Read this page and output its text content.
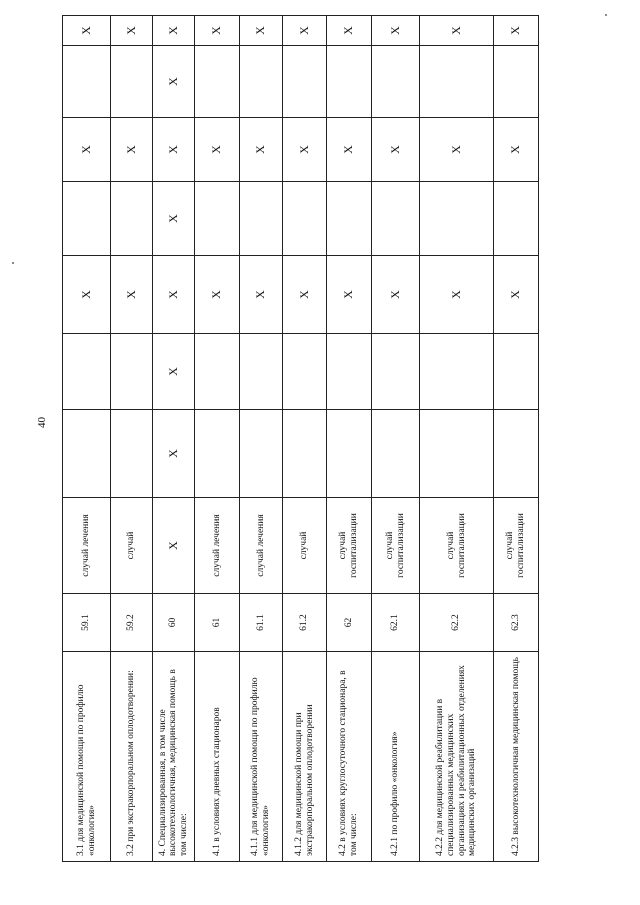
40
3.1 для медицинской помощи по профилю «онкология»	59.1	случай лечения			X		X		X
3.2 при экстракорпоральном оплодотворении:	59.2	случай			X		X		X
4. Специализированная, в том числе высокотехнологичная, медицинская помощь в том числе:	60	X	X	X	X	X	X	X	X
4.1 в условиях дневных стационаров	61	случай лечения			X		X		X
4.1.1 для медицинской помощи по профилю «онкология»	61.1	случай лечения			X		X		X
4.1.2 для медицинской помощи при экстракорпоральном оплодотворении	61.2	случай			X		X		X
4.2 в условиях круглосуточного стационара, в том числе:	62	случай госпитализации			X		X		X
4.2.1 по профилю «онкология»	62.1	случай госпитализации			X		X		X
4.2.2 для медицинской реабилитации в специализированных медицинских организациях и реабилитационных отделениях медицинских организаций	62.2	случай госпитализации			X		X		X
4.2.3 высокотехнологичная медицинская помощь	62.3	случай госпитализации			X		X		X
